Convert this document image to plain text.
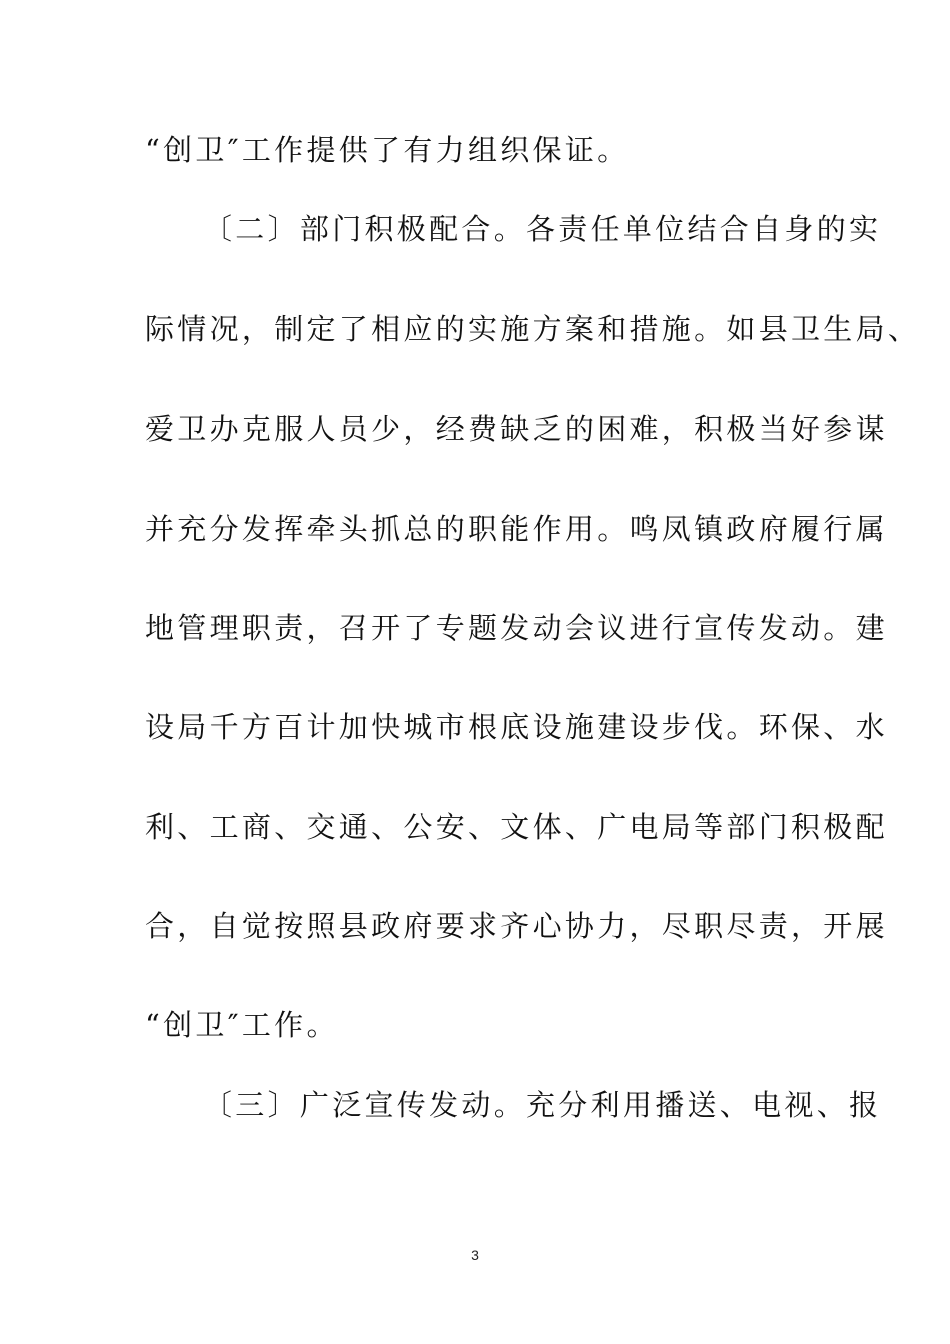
“创卫″工作提供了有力组织保证。
〔二〕部门积极配合。各责任单位结合自身的实
际情况，制定了相应的实施方案和措施。如县卫生局、
爱卫办克服人员少，经费缺乏的困难，积极当好参谋
并充分发挥牵头抓总的职能作用。鸣凤镇政府履行属
地管理职责，召开了专题发动会议进行宣传发动。建
设局千方百计加快城市根底设施建设步伐。环保、水
利、工商、交通、公安、文体、广电局等部门积极配
合，自觉按照县政府要求齐心协力，尽职尽责，开展
“创卫″工作。
〔三〕广泛宣传发动。充分利用播送、电视、报
3
